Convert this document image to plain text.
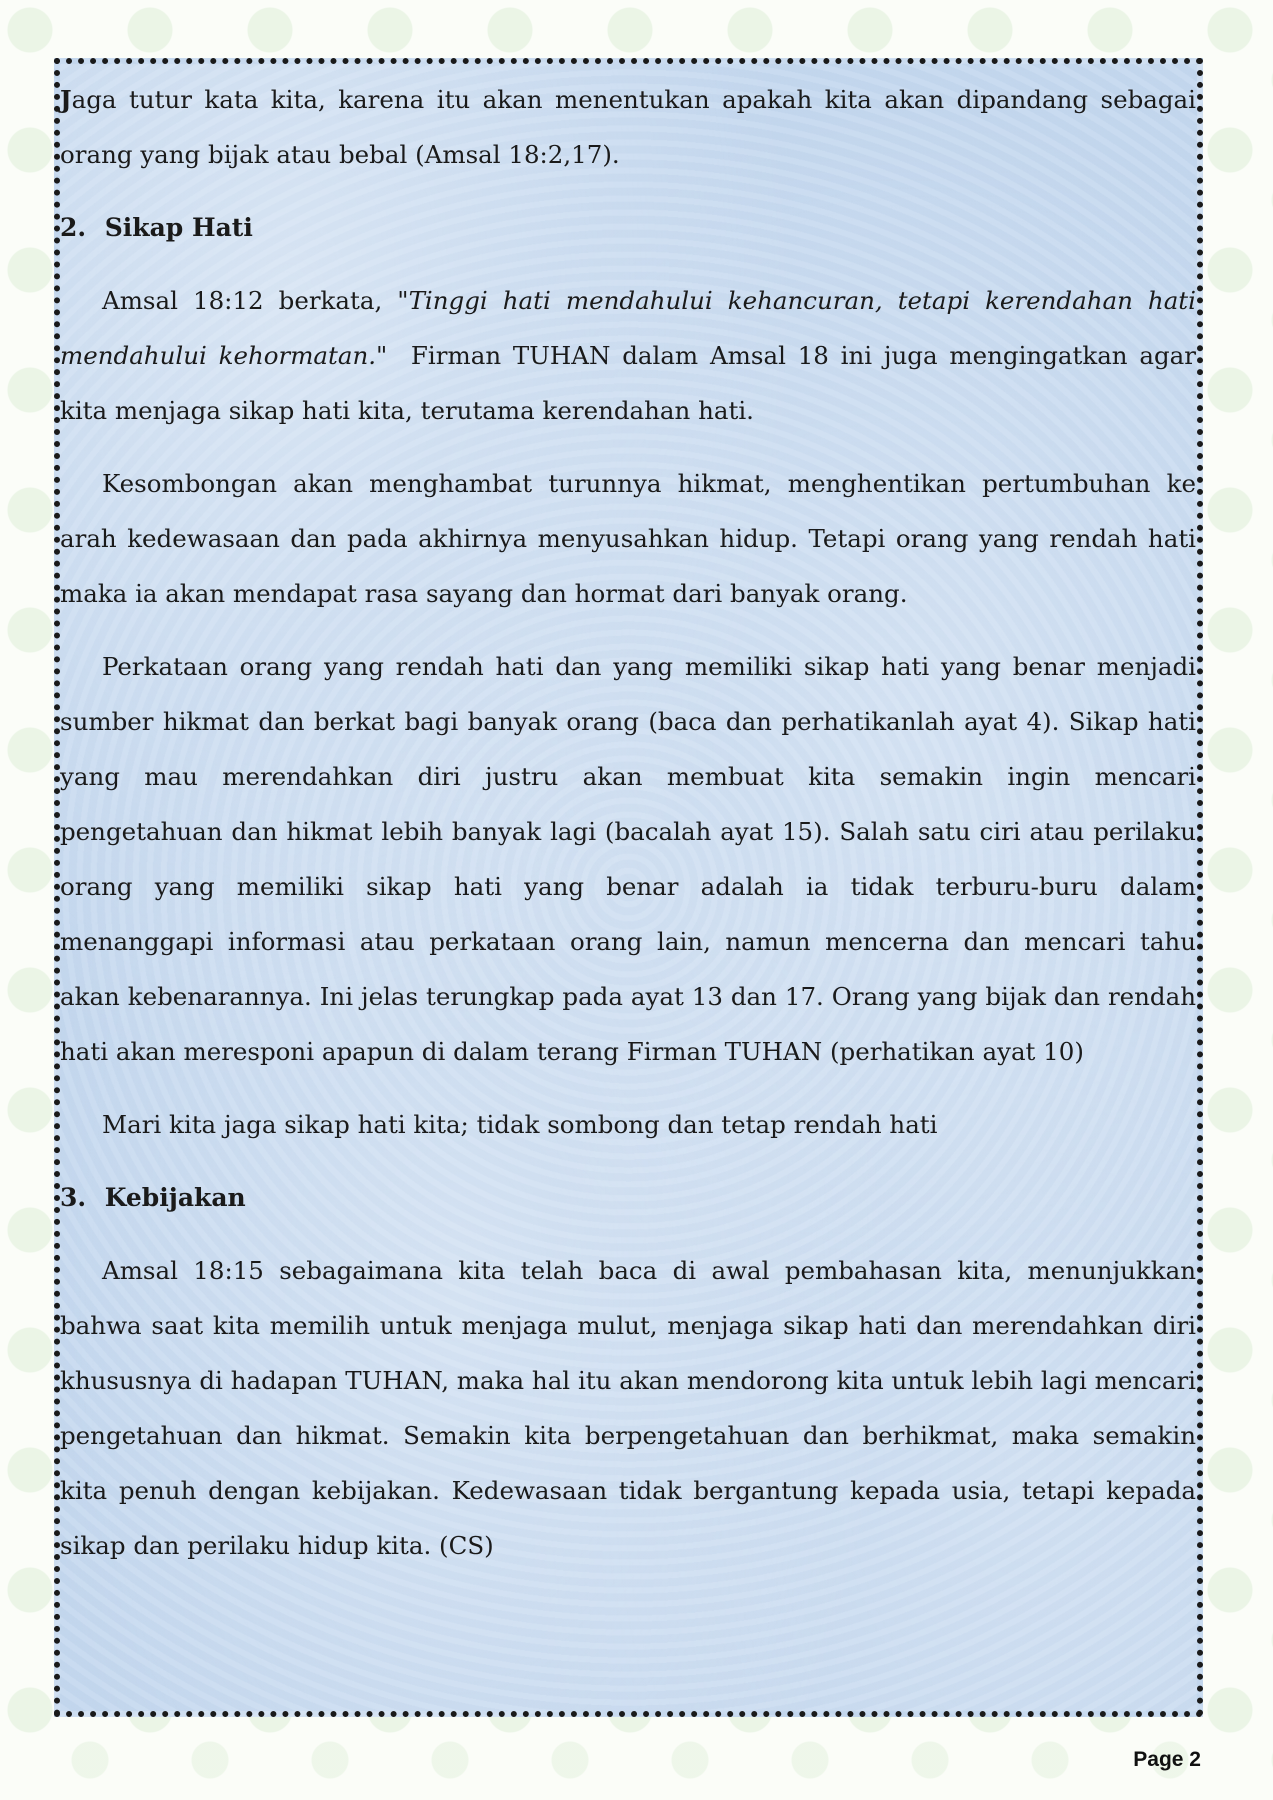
Jaga tutur kata kita, karena itu akan menentukan apakah kita akan dipandang sebagai orang yang bijak atau bebal (Amsal 18:2,17).

2. Sikap Hati

Amsal 18:12 berkata, "Tinggi hati mendahului kehancuran, tetapi kerendahan hati mendahului kehormatan."  Firman TUHAN dalam Amsal 18 ini juga mengingatkan agar kita menjaga sikap hati kita, terutama kerendahan hati.

Kesombongan akan menghambat turunnya hikmat, menghentikan pertumbuhan ke arah kedewasaan dan pada akhirnya menyusahkan hidup. Tetapi orang yang rendah hati maka ia akan mendapat rasa sayang dan hormat dari banyak orang.

Perkataan orang yang rendah hati dan yang memiliki sikap hati yang benar menjadi sumber hikmat dan berkat bagi banyak orang (baca dan perhatikanlah ayat 4). Sikap hati yang mau merendahkan diri justru akan membuat kita semakin ingin mencari pengetahuan dan hikmat lebih banyak lagi (bacalah ayat 15). Salah satu ciri atau perilaku orang yang memiliki sikap hati yang benar adalah ia tidak terburu-buru dalam menanggapi informasi atau perkataan orang lain, namun mencerna dan mencari tahu akan kebenarannya. Ini jelas terungkap pada ayat 13 dan 17. Orang yang bijak dan rendah hati akan meresponi apapun di dalam terang Firman TUHAN (perhatikan ayat 10)

Mari kita jaga sikap hati kita; tidak sombong dan tetap rendah hati

3. Kebijakan

Amsal 18:15 sebagaimana kita telah baca di awal pembahasan kita, menunjukkan bahwa saat kita memilih untuk menjaga mulut, menjaga sikap hati dan merendahkan diri khususnya di hadapan TUHAN, maka hal itu akan mendorong kita untuk lebih lagi mencari pengetahuan dan hikmat. Semakin kita berpengetahuan dan berhikmat, maka semakin kita penuh dengan kebijakan. Kedewasaan tidak bergantung kepada usia, tetapi kepada sikap dan perilaku hidup kita. (CS)

Page 2
